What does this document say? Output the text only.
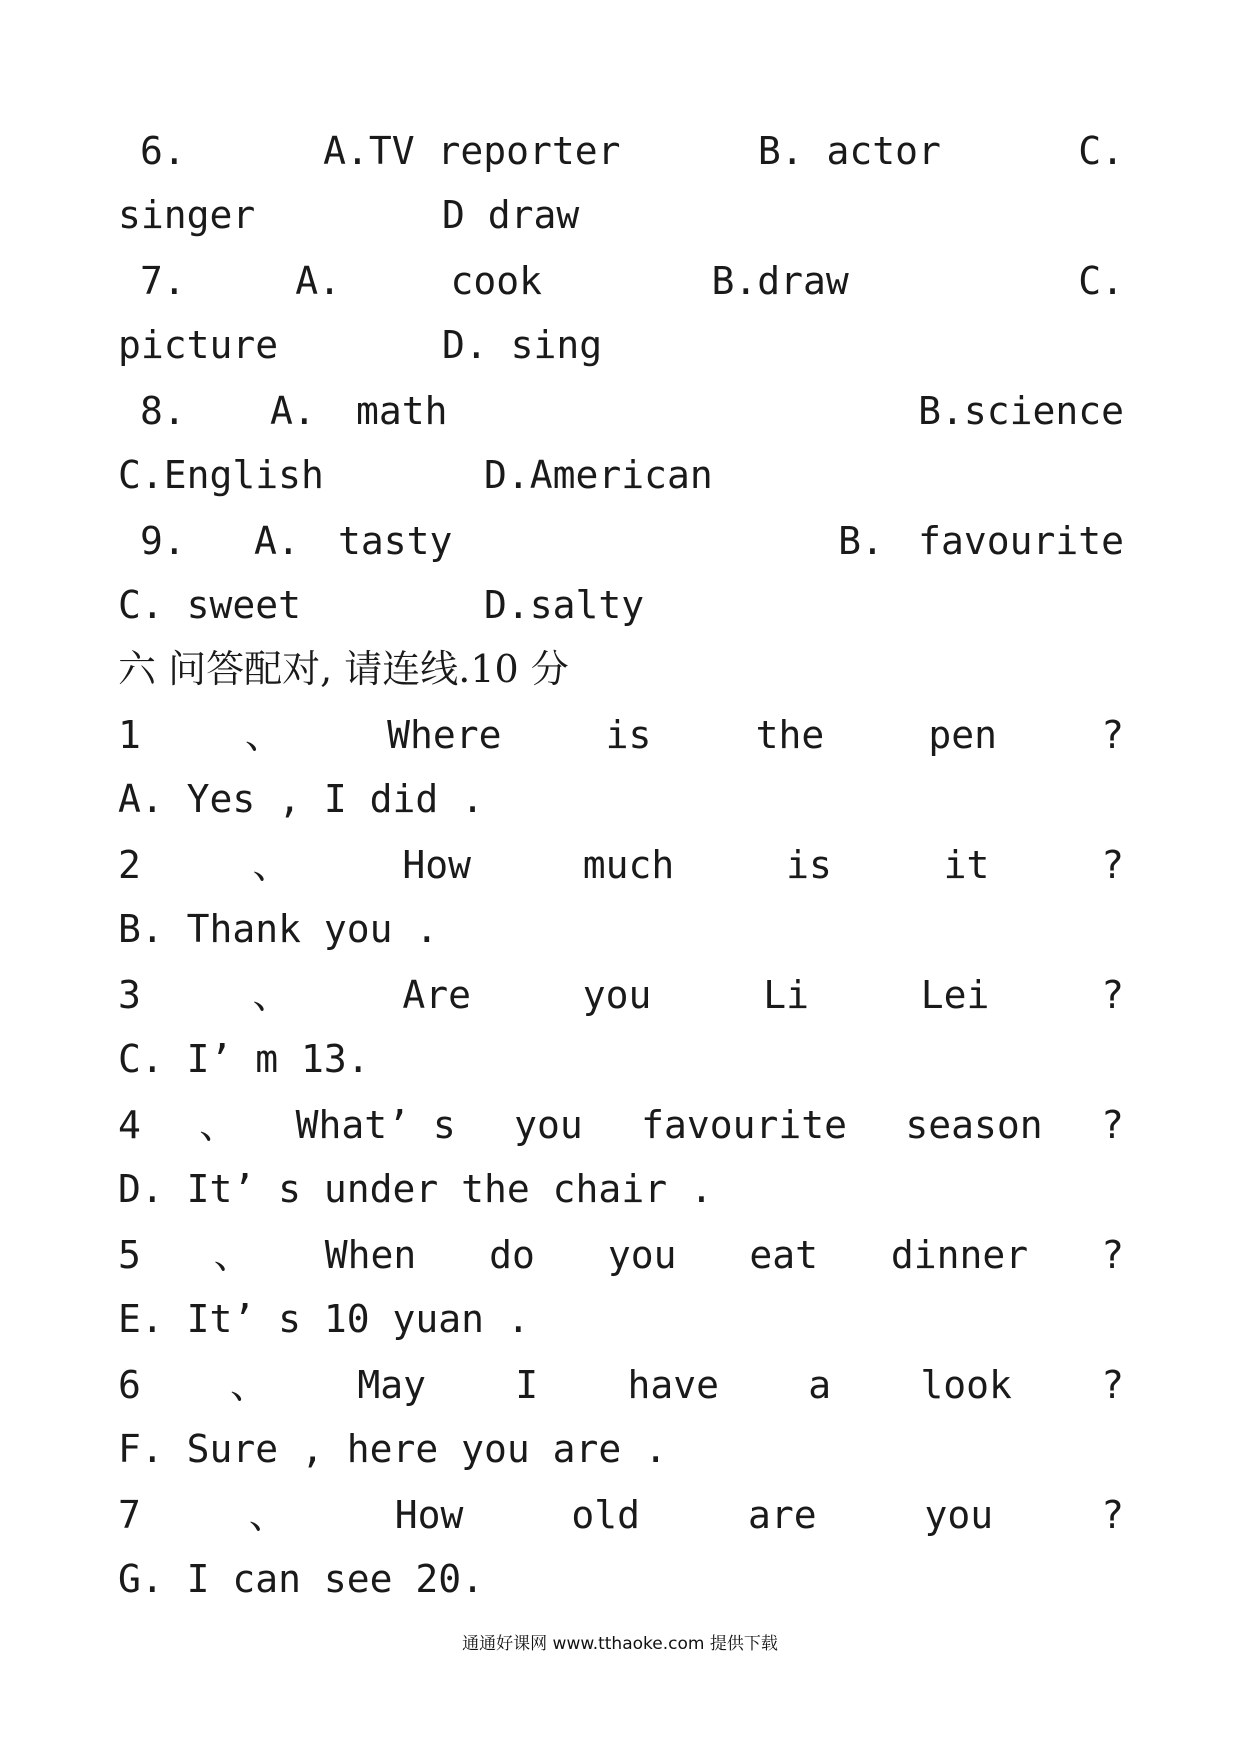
6.	A.TV reporter	B. actor	C.
singer	D draw
7.	A.	cook	B.draw	C.
picture	D. sing
8.	A.	math	B.science
C.English	D.American
9.	A.	tasty	B. favourite
C. sweet	D.salty
六 问答配对, 请连线.10 分
1	、	Where	is	the	pen	?
A. Yes , I did .
2	、	How	much	is	it	?
B. Thank you .
3	、	Are	you	Li	Lei	?
C. I’ m 13.
4 、 What’ s you favourite season ?
D. It’ s under the chair .
5 、 When do you eat dinner ?
E. It’ s 10 yuan .
6 、 May I have a look ?
F. Sure , here you are .
7	、	How	old	are	you	?
G. I can see 20.
通通好课网 www.tthaoke.com 提供下载
